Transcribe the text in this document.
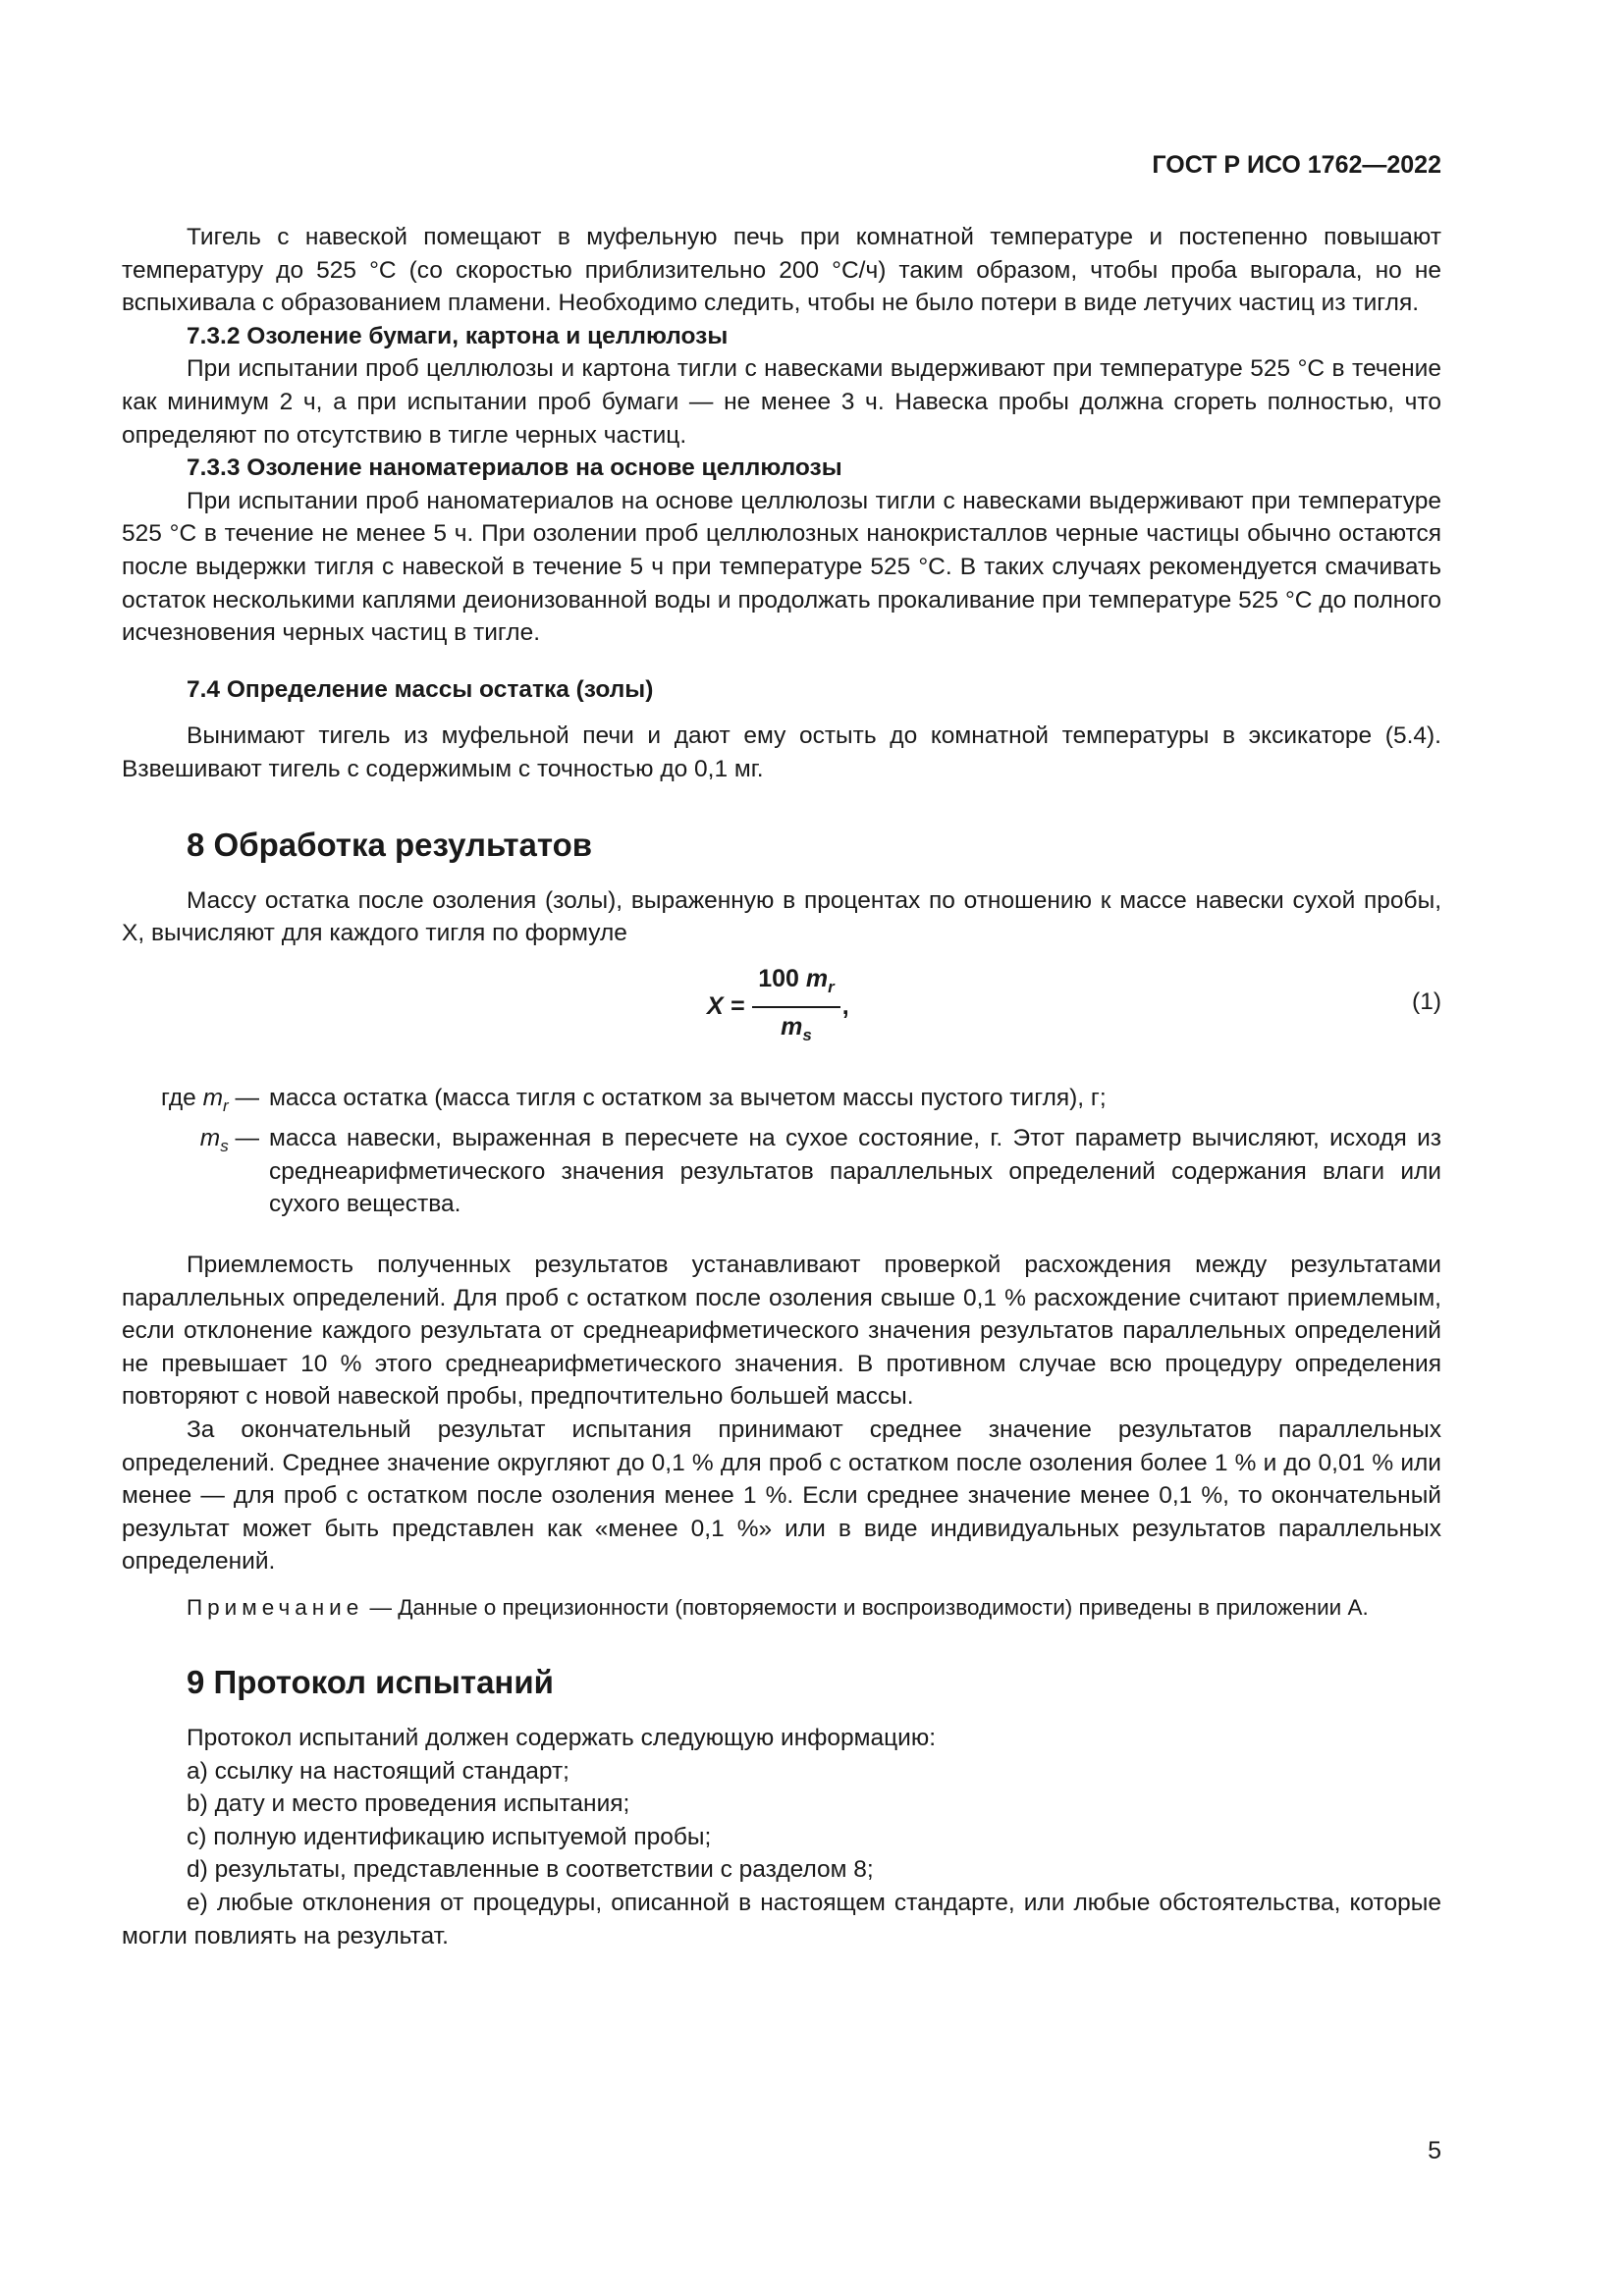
ГОСТ Р ИСО 1762—2022

Тигель с навеской помещают в муфельную печь при комнатной температуре и постепенно повышают температуру до 525 °С (со скоростью приблизительно 200 °С/ч) таким образом, чтобы проба выгорала, но не вспыхивала с образованием пламени. Необходимо следить, чтобы не было потери в виде летучих частиц из тигля.

7.3.2 Озоление бумаги, картона и целлюлозы

При испытании проб целлюлозы и картона тигли с навесками выдерживают при температуре 525 °С в течение как минимум 2 ч, а при испытании проб бумаги — не менее 3 ч. Навеска пробы должна сгореть полностью, что определяют по отсутствию в тигле черных частиц.

7.3.3 Озоление наноматериалов на основе целлюлозы

При испытании проб наноматериалов на основе целлюлозы тигли с навесками выдерживают при температуре 525 °С в течение не менее 5 ч. При озолении проб целлюлозных нанокристаллов черные частицы обычно остаются после выдержки тигля с навеской в течение 5 ч при температуре 525 °С. В таких случаях рекомендуется смачивать остаток несколькими каплями деионизованной воды и продолжать прокаливание при температуре 525 °С до полного исчезновения черных частиц в тигле.

7.4 Определение массы остатка (золы)

Вынимают тигель из муфельной печи и дают ему остыть до комнатной температуры в эксикаторе (5.4). Взвешивают тигель с содержимым с точностью до 0,1 мг.

8 Обработка результатов

Массу остатка после озоления (золы), выраженную в процентах по отношению к массе навески сухой пробы, X, вычисляют для каждого тигля по формуле

$X = \frac{100 m_r}{m_s}$ ,	(1)
где $m_r$ — масса остатка (масса тигля с остатком за вычетом массы пустого тигля), г;
$m_s$ — масса навески, выраженная в пересчете на сухое состояние, г. Этот параметр вычисляют, исходя из среднеарифметического значения результатов параллельных определений содержания влаги или сухого вещества.

Приемлемость полученных результатов устанавливают проверкой расхождения между результатами параллельных определений. Для проб с остатком после озоления свыше 0,1 % расхождение считают приемлемым, если отклонение каждого результата от среднеарифметического значения результатов параллельных определений не превышает 10 % этого среднеарифметического значения. В противном случае всю процедуру определения повторяют с новой навеской пробы, предпочтительно большей массы.

За окончательный результат испытания принимают среднее значение результатов параллельных определений. Среднее значение округляют до 0,1 % для проб с остатком после озоления более 1 % и до 0,01 % или менее — для проб с остатком после озоления менее 1 %. Если среднее значение менее 0,1 %, то окончательный результат может быть представлен как «менее 0,1 %» или в виде индивидуальных результатов параллельных определений.

Примечание — Данные о прецизионности (повторяемости и воспроизводимости) приведены в приложении А.

9 Протокол испытаний

Протокол испытаний должен содержать следующую информацию:

a) ссылку на настоящий стандарт;

b) дату и место проведения испытания;

c) полную идентификацию испытуемой пробы;

d) результаты, представленные в соответствии с разделом 8;

e) любые отклонения от процедуры, описанной в настоящем стандарте, или любые обстоятельства, которые могли повлиять на результат.

5
